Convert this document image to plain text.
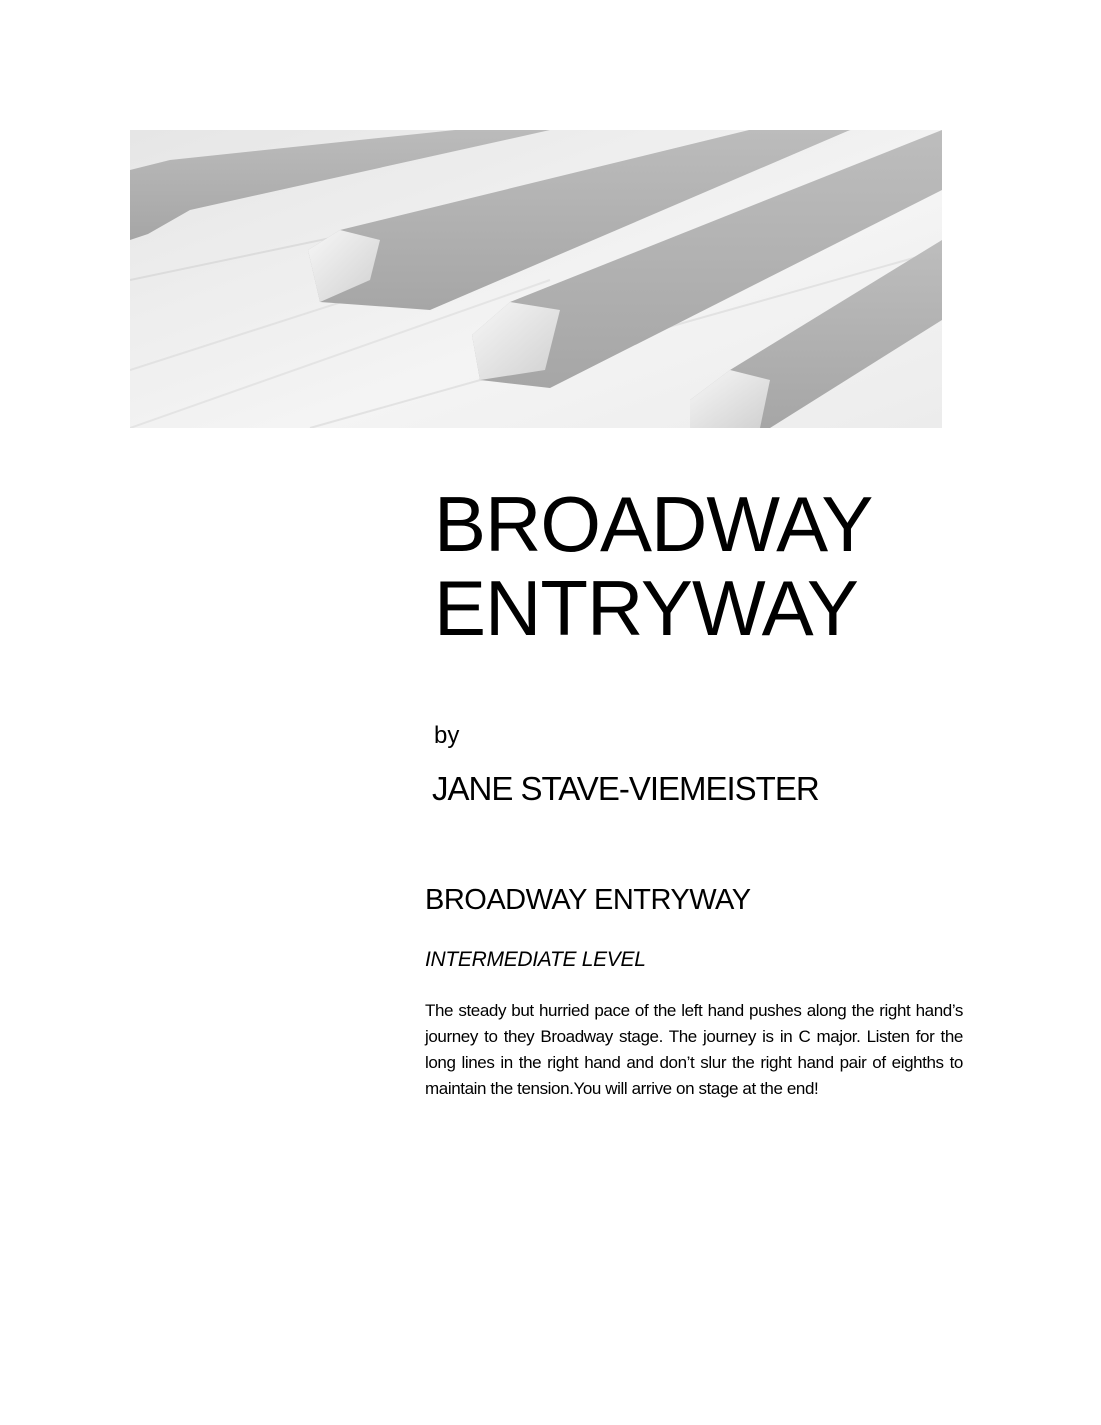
BROADWAY
ENTRYWAY

by

JANE STAVE-VIEMEISTER

BROADWAY ENTRYWAY

INTERMEDIATE LEVEL

The steady but hurried pace of the left hand pushes along the right hand’s journey to they Broadway stage. The journey is in C major. Listen for the long lines in the right hand and don’t slur the right hand pair of eighths to maintain the tension.You will arrive on stage at the end!
